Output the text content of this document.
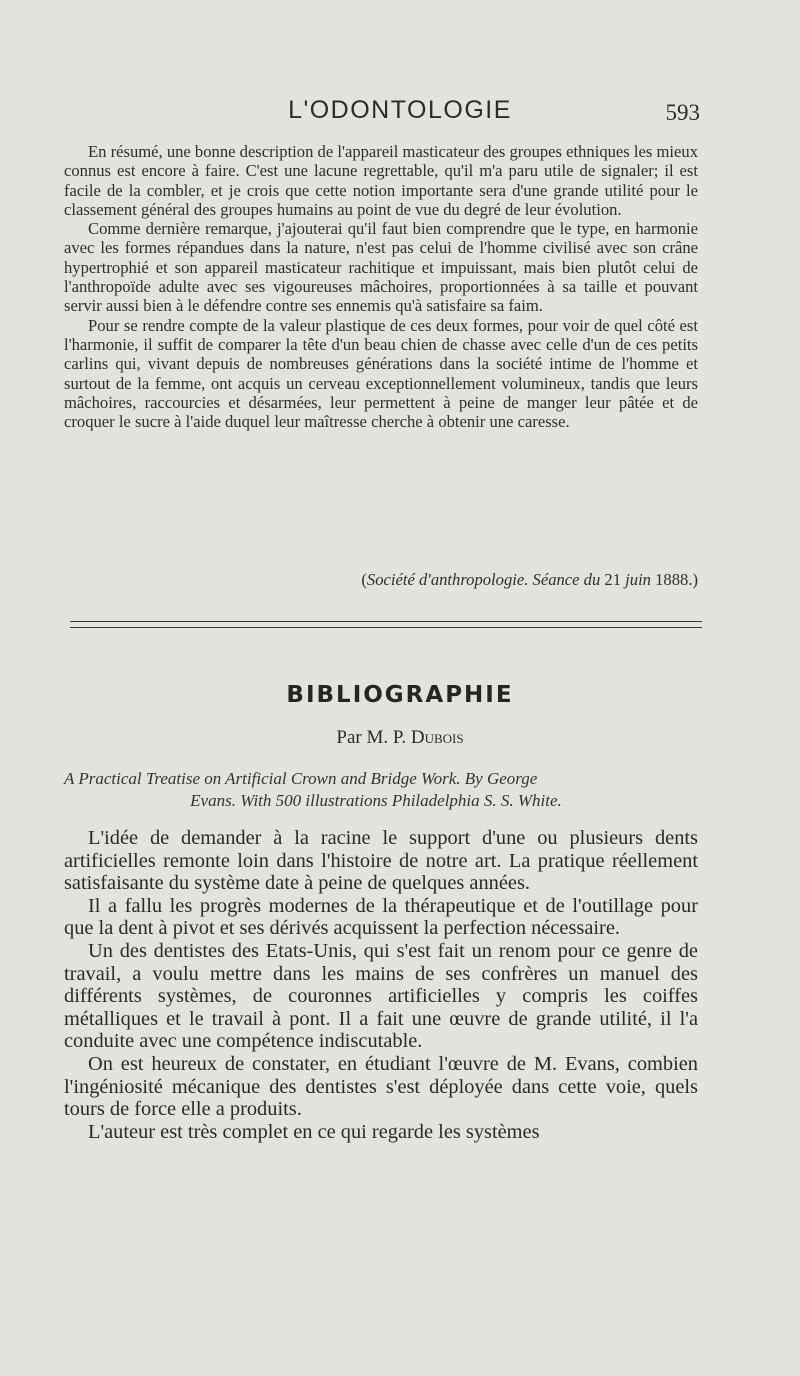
L'ODONTOLOGIE	593

En résumé, une bonne description de l'appareil masticateur des groupes ethniques les mieux connus est encore à faire. C'est une lacune regrettable, qu'il m'a paru utile de signaler; il est facile de la combler, et je crois que cette notion importante sera d'une grande utilité pour le classement général des groupes humains au point de vue du degré de leur évolution.

Comme dernière remarque, j'ajouterai qu'il faut bien comprendre que le type, en harmonie avec les formes répandues dans la nature, n'est pas celui de l'homme civilisé avec son crâne hypertrophié et son appareil masticateur rachitique et impuissant, mais bien plutôt celui de l'anthropoïde adulte avec ses vigoureuses mâchoires, proportionnées à sa taille et pouvant servir aussi bien à le défendre contre ses ennemis qu'à satisfaire sa faim.

Pour se rendre compte de la valeur plastique de ces deux formes, pour voir de quel côté est l'harmonie, il suffit de comparer la tête d'un beau chien de chasse avec celle d'un de ces petits carlins qui, vivant depuis de nombreuses générations dans la société intime de l'homme et surtout de la femme, ont acquis un cerveau exceptionnellement volumineux, tandis que leurs mâchoires, raccourcies et désarmées, leur permettent à peine de manger leur pâtée et de croquer le sucre à l'aide duquel leur maîtresse cherche à obtenir une caresse.

(Société d'anthropologie. Séance du 21 juin 1888.)
BIBLIOGRAPHIE
Par M. P. Dubois
A Practical Treatise on Artificial Crown and Bridge Work. By George
Evans. With 500 illustrations Philadelphia S. S. White.

L'idée de demander à la racine le support d'une ou plusieurs dents artificielles remonte loin dans l'histoire de notre art. La pratique réellement satisfaisante du système date à peine de quelques années.

Il a fallu les progrès modernes de la thérapeutique et de l'outillage pour que la dent à pivot et ses dérivés acquissent la perfection nécessaire.

Un des dentistes des Etats-Unis, qui s'est fait un renom pour ce genre de travail, a voulu mettre dans les mains de ses confrères un manuel des différents systèmes, de couronnes artificielles y compris les coiffes métalliques et le travail à pont. Il a fait une œuvre de grande utilité, il l'a conduite avec une compétence indiscutable.

On est heureux de constater, en étudiant l'œuvre de M. Evans, combien l'ingéniosité mécanique des dentistes s'est déployée dans cette voie, quels tours de force elle a produits.

L'auteur est très complet en ce qui regarde les systèmes
